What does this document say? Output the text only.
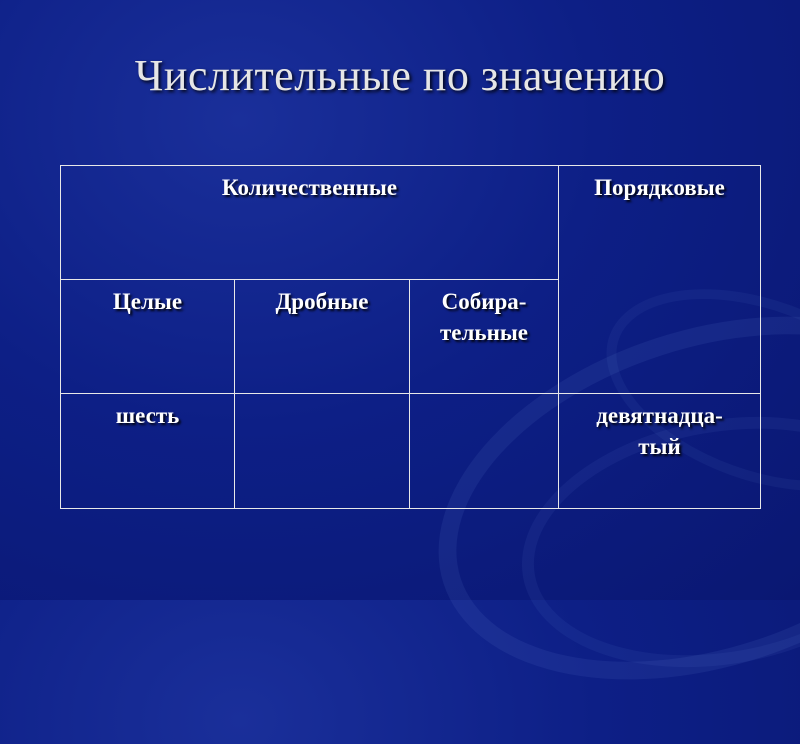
Числительные по значению
Количественные			Порядковые
Целые	Дробные	Собира-
тельные	
шесть			девятнадца-
тый
